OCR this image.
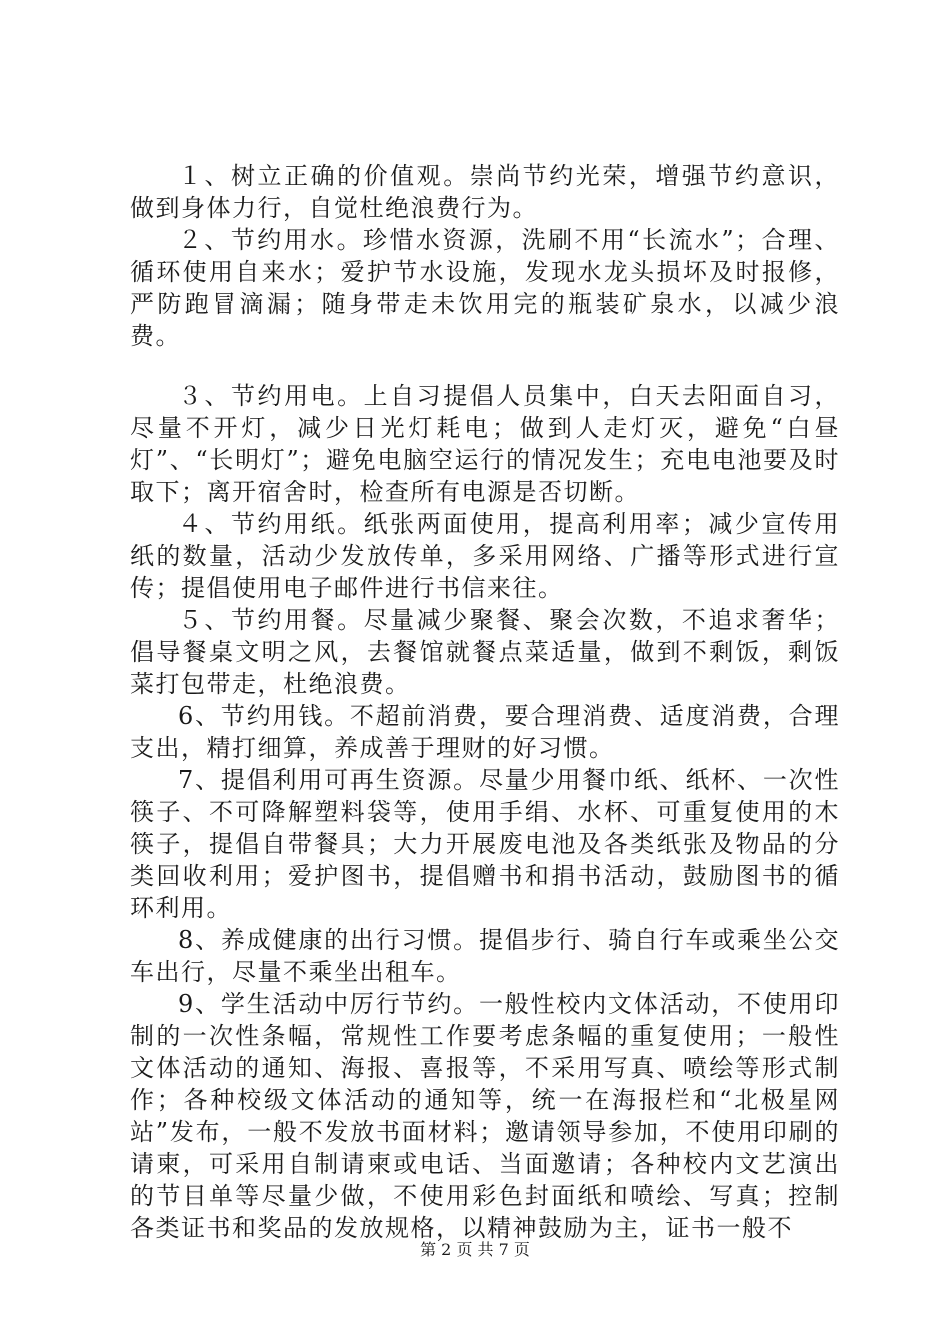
１、树立正确的价值观。崇尚节约光荣，增强节约意识，做到身体力行，自觉杜绝浪费行为。

２、节约用水。珍惜水资源，洗刷不用“长流水”；合理、循环使用自来水；爱护节水设施，发现水龙头损坏及时报修，严防跑冒滴漏；随身带走未饮用完的瓶装矿泉水，以减少浪费。

３、节约用电。上自习提倡人员集中，白天去阳面自习，尽量不开灯，减少日光灯耗电；做到人走灯灭，避免“白昼灯”、“长明灯”；避免电脑空运行的情况发生；充电电池要及时取下；离开宿舍时，检查所有电源是否切断。

４、节约用纸。纸张两面使用，提高利用率；减少宣传用纸的数量，活动少发放传单，多采用网络、广播等形式进行宣传；提倡使用电子邮件进行书信来往。

５、节约用餐。尽量减少聚餐、聚会次数，不追求奢华；倡导餐桌文明之风，去餐馆就餐点菜适量，做到不剩饭，剩饭菜打包带走，杜绝浪费。

6、节约用钱。不超前消费，要合理消费、适度消费，合理支出，精打细算，养成善于理财的好习惯。

7、提倡利用可再生资源。尽量少用餐巾纸、纸杯、一次性筷子、不可降解塑料袋等，使用手绢、水杯、可重复使用的木筷子，提倡自带餐具；大力开展废电池及各类纸张及物品的分类回收利用；爱护图书，提倡赠书和捐书活动，鼓励图书的循环利用。

8、养成健康的出行习惯。提倡步行、骑自行车或乘坐公交车出行，尽量不乘坐出租车。

9、学生活动中厉行节约。一般性校内文体活动，不使用印制的一次性条幅，常规性工作要考虑条幅的重复使用；一般性文体活动的通知、海报、喜报等，不采用写真、喷绘等形式制作；各种校级文体活动的通知等，统一在海报栏和“北极星网站”发布，一般不发放书面材料；邀请领导参加，不使用印刷的请柬，可采用自制请柬或电话、当面邀请；各种校内文艺演出的节目单等尽量少做，不使用彩色封面纸和喷绘、写真；控制各类证书和奖品的发放规格，以精神鼓励为主，证书一般不

第 2 页 共 7 页
